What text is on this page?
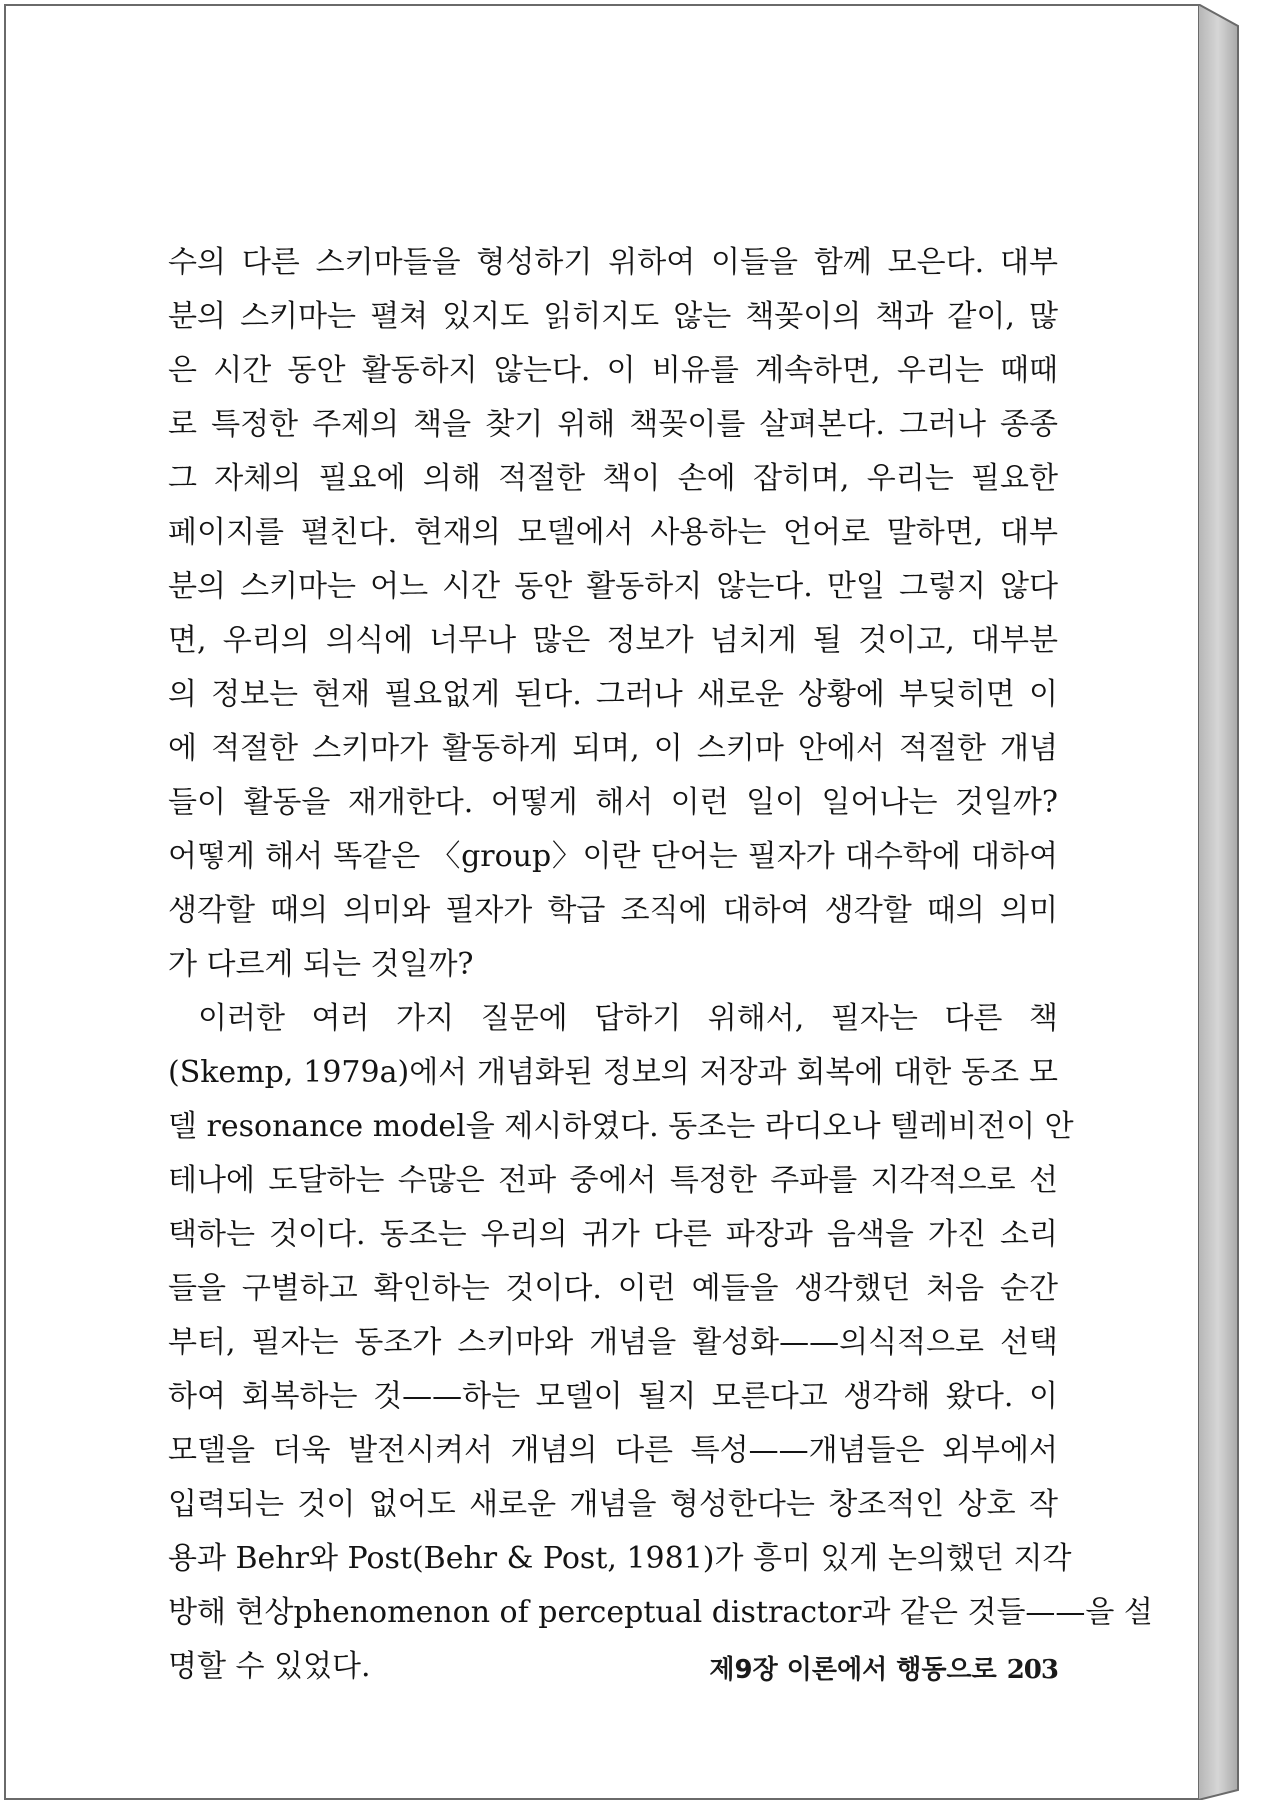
수의 다른 스키마들을 형성하기 위하여 이들을 함께 모은다. 대부
분의 스키마는 펼쳐 있지도 읽히지도 않는 책꽂이의 책과 같이, 많
은 시간 동안 활동하지 않는다. 이 비유를 계속하면, 우리는 때때
로 특정한 주제의 책을 찾기 위해 책꽂이를 살펴본다. 그러나 종종
그 자체의 필요에 의해 적절한 책이 손에 잡히며, 우리는 필요한
페이지를 펼친다. 현재의 모델에서 사용하는 언어로 말하면, 대부
분의 스키마는 어느 시간 동안 활동하지 않는다. 만일 그렇지 않다
면, 우리의 의식에 너무나 많은 정보가 넘치게 될 것이고, 대부분
의 정보는 현재 필요없게 된다. 그러나 새로운 상황에 부딪히면 이
에 적절한 스키마가 활동하게 되며, 이 스키마 안에서 적절한 개념
들이 활동을 재개한다. 어떻게 해서 이런 일이 일어나는 것일까?
어떻게 해서 똑같은 〈group〉이란 단어는 필자가 대수학에 대하여
생각할 때의 의미와 필자가 학급 조직에 대하여 생각할 때의 의미
가 다르게 되는 것일까?
이러한 여러 가지 질문에 답하기 위해서, 필자는 다른 책
(Skemp, 1979a)에서 개념화된 정보의 저장과 회복에 대한 동조 모
델 resonance model을 제시하였다. 동조는 라디오나 텔레비전이 안
테나에 도달하는 수많은 전파 중에서 특정한 주파를 지각적으로 선
택하는 것이다. 동조는 우리의 귀가 다른 파장과 음색을 가진 소리
들을 구별하고 확인하는 것이다. 이런 예들을 생각했던 처음 순간
부터, 필자는 동조가 스키마와 개념을 활성화——의식적으로 선택
하여 회복하는 것——하는 모델이 될지 모른다고 생각해 왔다. 이
모델을 더욱 발전시켜서 개념의 다른 특성——개념들은 외부에서
입력되는 것이 없어도 새로운 개념을 형성한다는 창조적인 상호 작
용과 Behr와 Post(Behr & Post, 1981)가 흥미 있게 논의했던 지각
방해 현상phenomenon of perceptual distractor과 같은 것들——을 설
명할 수 있었다.	제9장 이론에서 행동으로 203
